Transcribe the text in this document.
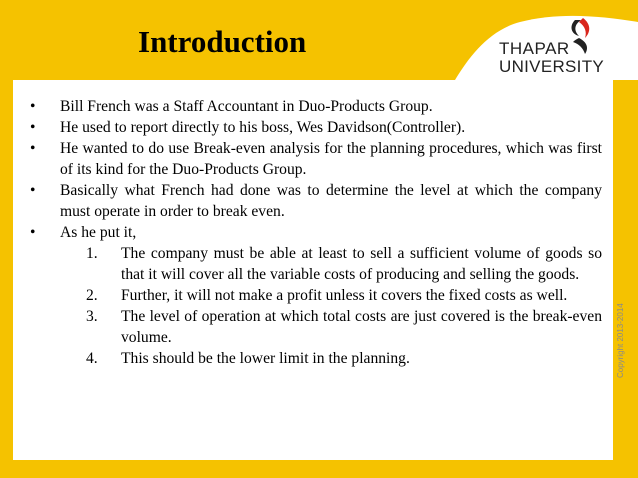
Introduction	THAPAR
UNIVERSITY
• Bill French was a Staff Accountant in Duo-Products Group.
• He used to report directly to his boss, Wes Davidson(Controller).
• He wanted to do use Break-even analysis for the planning procedures, which was first of its kind for the Duo-Products Group.
• Basically what French had done was to determine the level at which the company must operate in order to break even.
• As he put it,
1. The company must be able at least to sell a sufficient volume of goods so that it will cover all the variable costs of producing and selling the goods.
2. Further, it will not make a profit unless it covers the fixed costs as well.
3. The level of operation at which total costs are just covered is the break-even volume.
4. This should be the lower limit in the planning.	Copyright 2013-2014
